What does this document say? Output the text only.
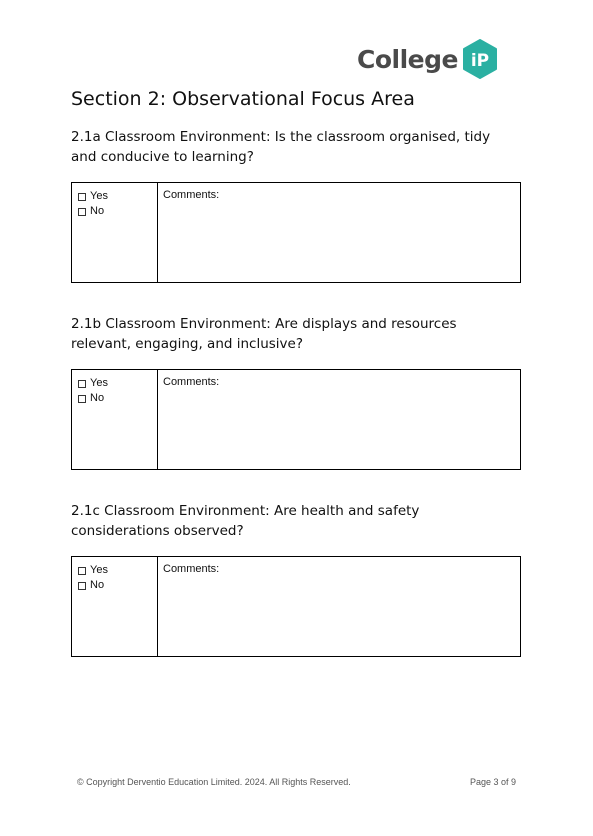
College iP
Section 2: Observational Focus Area
2.1a Classroom Environment: Is the classroom organised, tidy and conducive to learning?
Yes
No
Comments:
2.1b Classroom Environment: Are displays and resources relevant, engaging, and inclusive?
Yes
No
Comments:
2.1c Classroom Environment: Are health and safety considerations observed?
Yes
No
Comments:
© Copyright Derventio Education Limited. 2024. All Rights Reserved.	Page 3 of 9
